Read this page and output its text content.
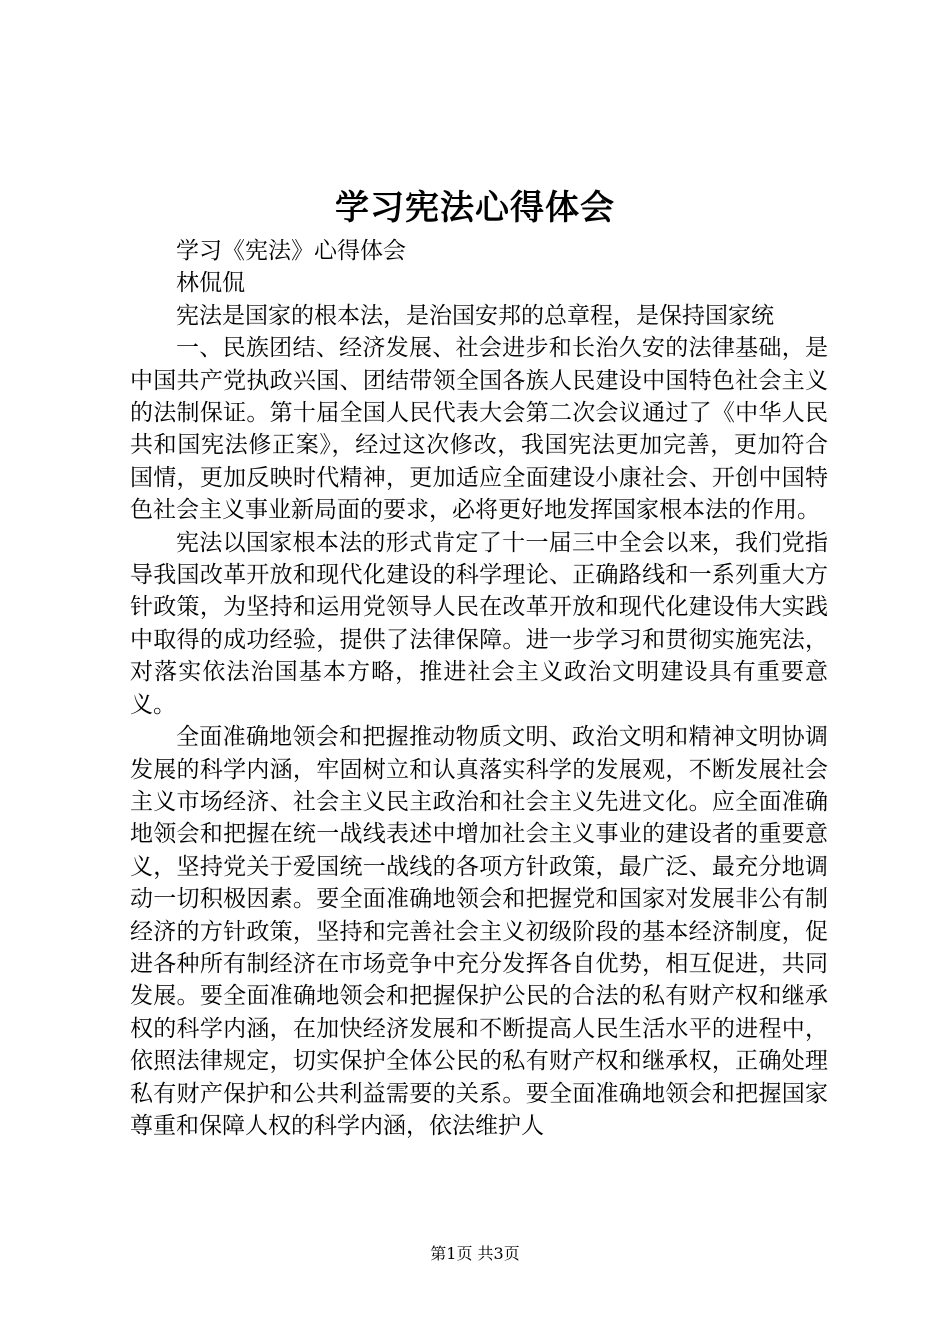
学习宪法心得体会

学习《宪法》心得体会

林侃侃

宪法是国家的根本法，是治国安邦的总章程，是保持国家统

一、民族团结、经济发展、社会进步和长治久安的法律基础，是中国共产党执政兴国、团结带领全国各族人民建设中国特色社会主义的法制保证。第十届全国人民代表大会第二次会议通过了《中华人民共和国宪法修正案》，经过这次修改，我国宪法更加完善，更加符合国情，更加反映时代精神，更加适应全面建设小康社会、开创中国特色社会主义事业新局面的要求，必将更好地发挥国家根本法的作用。

宪法以国家根本法的形式肯定了十一届三中全会以来，我们党指导我国改革开放和现代化建设的科学理论、正确路线和一系列重大方针政策，为坚持和运用党领导人民在改革开放和现代化建设伟大实践中取得的成功经验，提供了法律保障。进一步学习和贯彻实施宪法，对落实依法治国基本方略，推进社会主义政治文明建设具有重要意义。

全面准确地领会和把握推动物质文明、政治文明和精神文明协调发展的科学内涵，牢固树立和认真落实科学的发展观，不断发展社会主义市场经济、社会主义民主政治和社会主义先进文化。应全面准确地领会和把握在统一战线表述中增加社会主义事业的建设者的重要意义，坚持党关于爱国统一战线的各项方针政策，最广泛、最充分地调动一切积极因素。要全面准确地领会和把握党和国家对发展非公有制经济的方针政策，坚持和完善社会主义初级阶段的基本经济制度，促进各种所有制经济在市场竞争中充分发挥各自优势，相互促进，共同发展。要全面准确地领会和把握保护公民的合法的私有财产权和继承权的科学内涵，在加快经济发展和不断提高人民生活水平的进程中，依照法律规定，切实保护全体公民的私有财产权和继承权，正确处理私有财产保护和公共利益需要的关系。要全面准确地领会和把握国家尊重和保障人权的科学内涵，依法维护人

第1页 共3页
